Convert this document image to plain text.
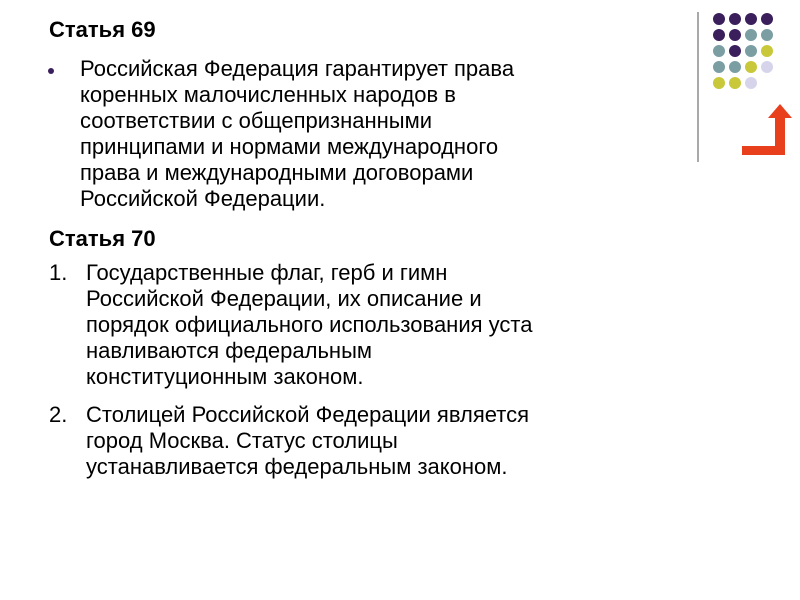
Статья 69
Российская Федерация гарантирует права
коренных малочисленных народов в
соответствии с общепризнанными
принципами и нормами международного
права и международными договорами
Российской Федерации.
Статья 70
1. Государственные флаг, герб и гимн
Российской Федерации, их описание и
порядок официального использования уста
навливаются федеральным
конституционным законом.
2. Столицей Российской Федерации является
город Москва. Статус столицы
устанавливается федеральным законом.
